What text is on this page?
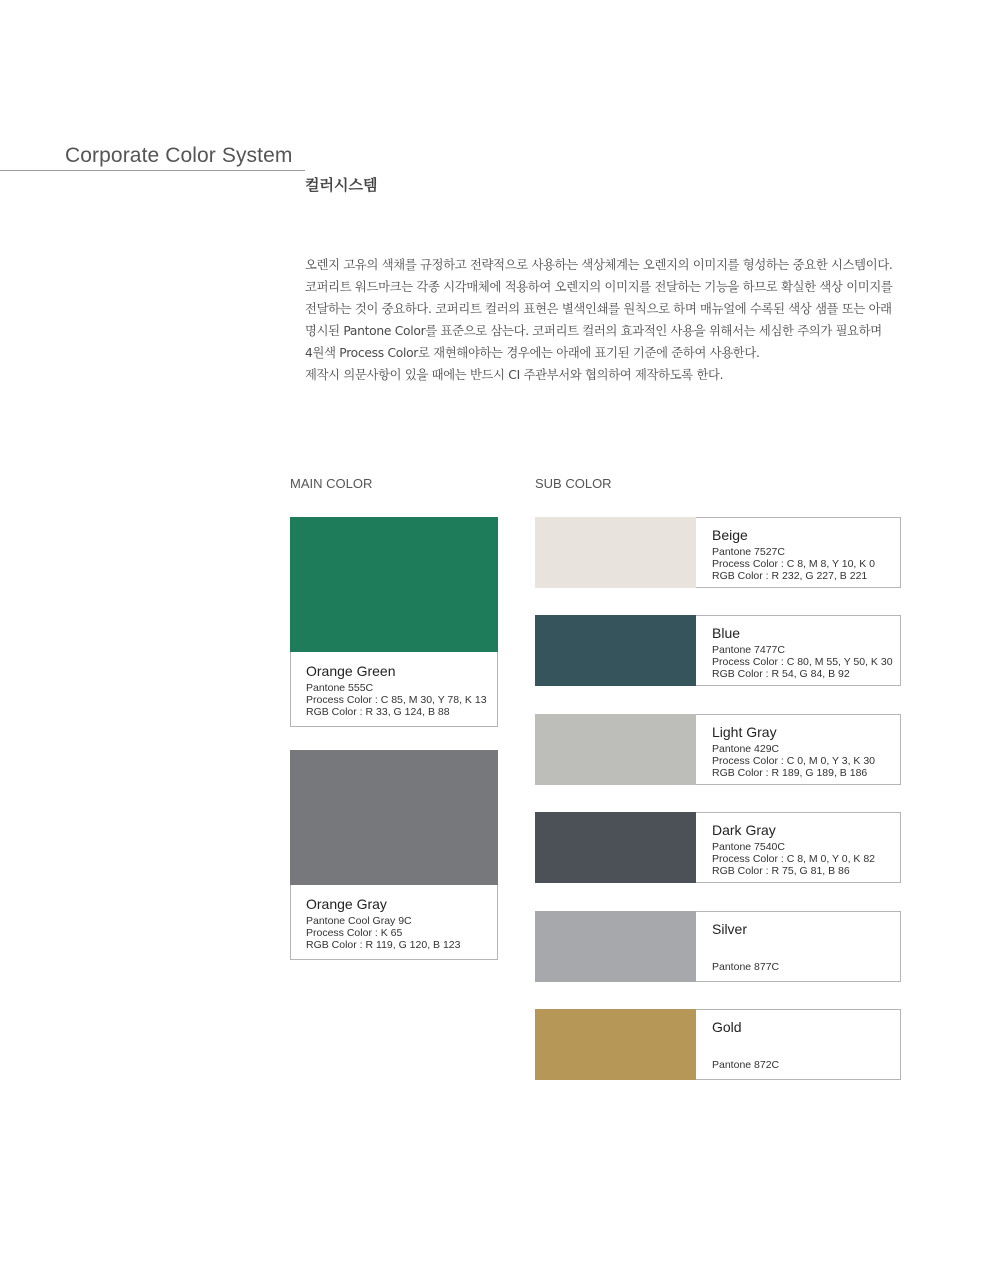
Corporate Color System
컬러시스템
오렌지 고유의 색채를 규정하고 전략적으로 사용하는 색상체계는 오렌지의 이미지를 형성하는 중요한 시스템이다.
코퍼리트 워드마크는 각종 시각매체에 적용하여 오렌지의 이미지를 전달하는 기능을 하므로 확실한 색상 이미지를
전달하는 것이 중요하다. 코퍼리트 컬러의 표현은 별색인쇄를 원칙으로 하며 매뉴얼에 수록된 색상 샘플 또는 아래
명시된 Pantone Color를 표준으로 삼는다. 코퍼리트 컬러의 효과적인 사용을 위해서는 세심한 주의가 필요하며
4원색 Process Color로 재현해야하는 경우에는 아래에 표기된 기준에 준하여 사용한다.
제작시 의문사항이 있을 때에는 반드시 CI 주관부서와 협의하여 제작하도록 한다.
MAIN COLOR	SUB COLOR
Orange Green
Pantone 555C
Process Color : C 85, M 30, Y 78, K 13
RGB Color : R 33, G 124, B 88
Orange Gray
Pantone Cool Gray 9C
Process Color : K 65
RGB Color : R 119, G 120, B 123
Beige
Pantone 7527C
Process Color : C 8, M 8, Y 10, K 0
RGB Color : R 232, G 227, B 221
Blue
Pantone 7477C
Process Color : C 80, M 55, Y 50, K 30
RGB Color : R 54, G 84, B 92
Light Gray
Pantone 429C
Process Color : C 0, M 0, Y 3, K 30
RGB Color : R 189, G 189, B 186
Dark Gray
Pantone 7540C
Process Color : C 8, M 0, Y 0, K 82
RGB Color : R 75, G 81, B 86
Silver
Pantone 877C
Gold
Pantone 872C
